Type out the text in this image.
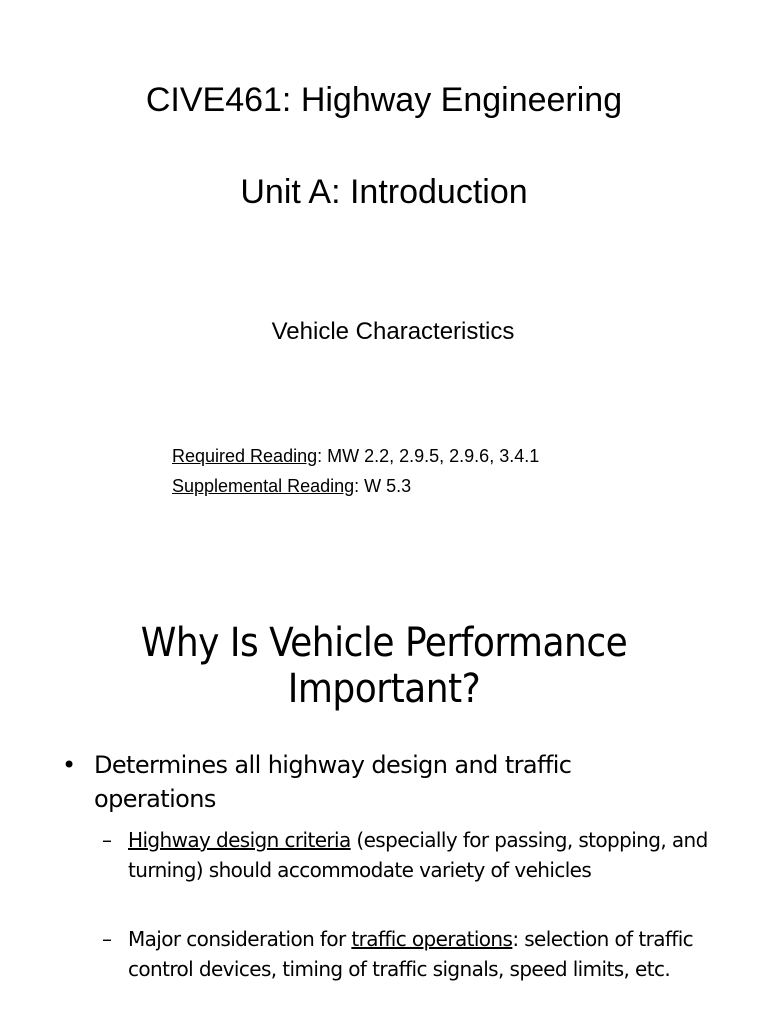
CIVE461: Highway Engineering
Unit A: Introduction
Vehicle Characteristics
Required Reading: MW 2.2, 2.9.5, 2.9.6, 3.4.1
Supplemental Reading: W 5.3
Why Is Vehicle Performance
Important?
• Determines all highway design and traffic operations
– Highway design criteria (especially for passing, stopping, and turning) should accommodate variety of vehicles
– Major consideration for traffic operations: selection of traffic control devices, timing of traffic signals, speed limits, etc.
